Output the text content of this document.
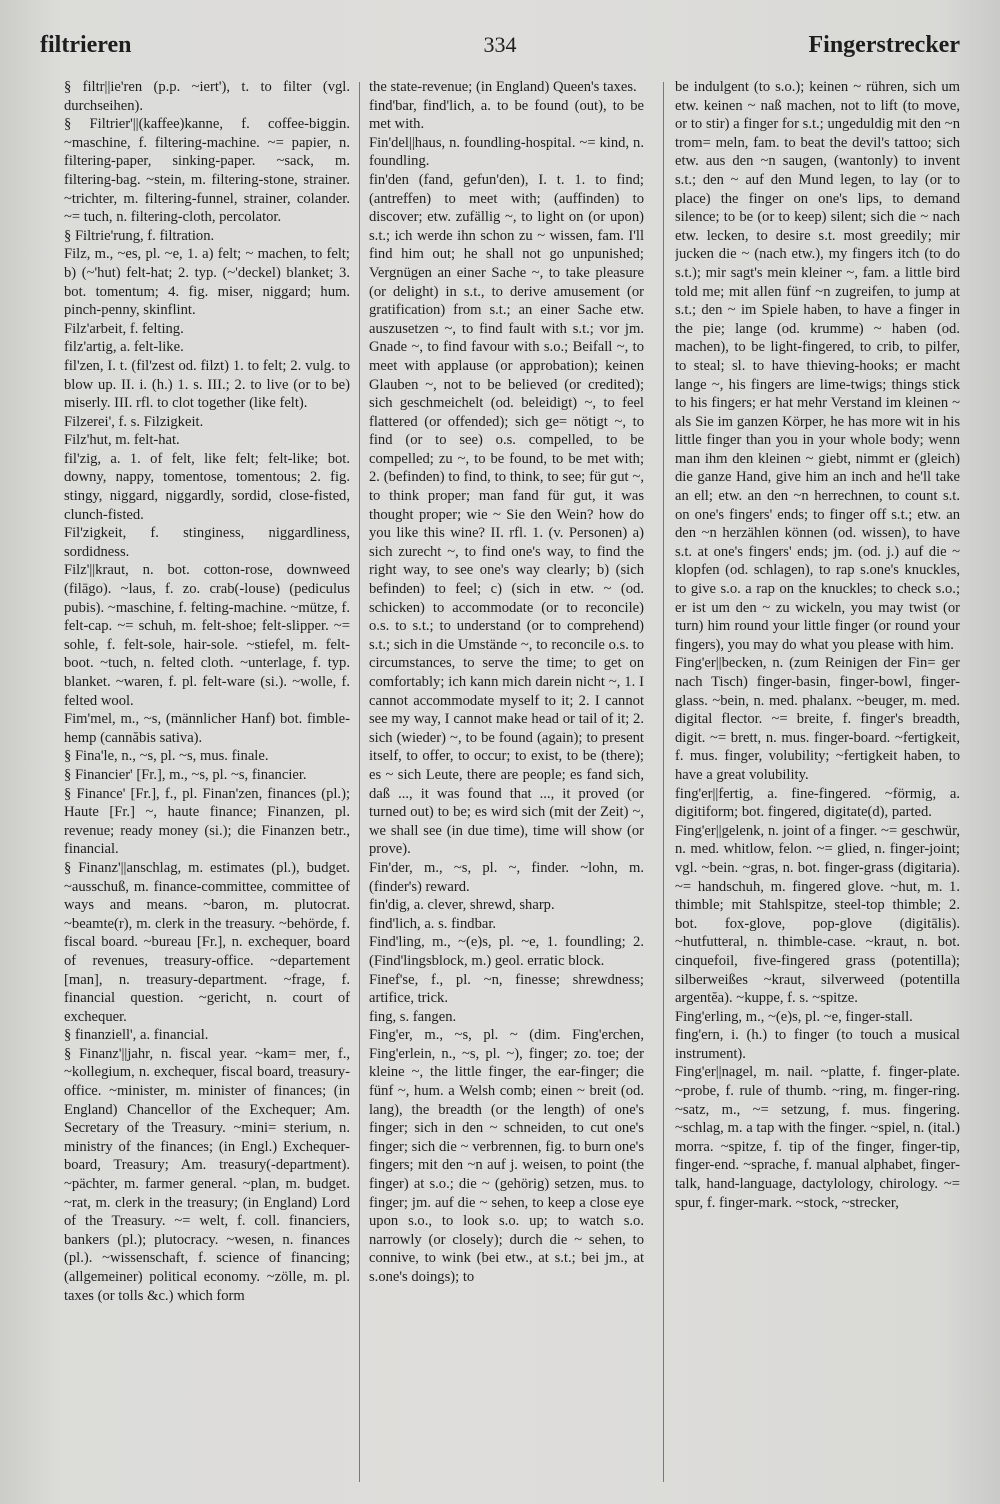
filtrieren	334	Fingerstrecker

§ filtr||ie'ren (p.p. ~iert'), t. to filter (vgl. durchseihen).

§ Filtrier'||(kaffee)kanne, f. coffee-biggin. ~maschine, f. filtering-machine. ~= papier, n. filtering-paper, sinking-paper. ~sack, m. filtering-bag. ~stein, m. filtering-stone, strainer. ~trichter, m. filtering-funnel, strainer, colander. ~= tuch, n. filtering-cloth, percolator.

§ Filtrie'rung, f. filtration.

Filz, m., ~es, pl. ~e, 1. a) felt; ~ machen, to felt; b) (~'hut) felt-hat; 2. typ. (~'deckel) blanket; 3. bot. tomentum; 4. fig. miser, niggard; hum. pinch-penny, skinflint.

Filz'arbeit, f. felting.

filz'artig, a. felt-like.

fil'zen, I. t. (fil'zest od. filzt) 1. to felt; 2. vulg. to blow up. II. i. (h.) 1. s. III.; 2. to live (or to be) miserly. III. rfl. to clot together (like felt).

Filzerei', f. s. Filzigkeit.

Filz'hut, m. felt-hat.

fil'zig, a. 1. of felt, like felt; felt-like; bot. downy, nappy, tomentose, tomentous; 2. fig. stingy, niggard, niggardly, sordid, close-fisted, clunch-fisted.

Fil'zigkeit, f. stinginess, niggardliness, sordidness.

Filz'||kraut, n. bot. cotton-rose, downweed (filāgo). ~laus, f. zo. crab(-louse) (pediculus pubis). ~maschine, f. felting-machine. ~mütze, f. felt-cap. ~= schuh, m. felt-shoe; felt-slipper. ~= sohle, f. felt-sole, hair-sole. ~stiefel, m. felt-boot. ~tuch, n. felted cloth. ~unterlage, f. typ. blanket. ~waren, f. pl. felt-ware (si.). ~wolle, f. felted wool.

Fim'mel, m., ~s, (männlicher Hanf) bot. fimble-hemp (cannăbis sativa).

§ Fina'le, n., ~s, pl. ~s, mus. finale.

§ Financier' [Fr.], m., ~s, pl. ~s, financier.

§ Finance' [Fr.], f., pl. Finan'zen, finances (pl.); Haute [Fr.] ~, haute finance; Finanzen, pl. revenue; ready money (si.); die Finanzen betr., financial.

§ Finanz'||anschlag, m. estimates (pl.), budget. ~ausschuß, m. finance-committee, committee of ways and means. ~baron, m. plutocrat. ~beamte(r), m. clerk in the treasury. ~behörde, f. fiscal board. ~bureau [Fr.], n. exchequer, board of revenues, treasury-office. ~departement [man], n. treasury-department. ~frage, f. financial question. ~gericht, n. court of exchequer.

§ finanziell', a. financial.

§ Finanz'||jahr, n. fiscal year. ~kam= mer, f., ~kollegium, n. exchequer, fiscal board, treasury-office. ~minister, m. minister of finances; (in England) Chancellor of the Exchequer; Am. Secretary of the Treasury. ~mini= sterium, n. ministry of the finances; (in Engl.) Exchequer-board, Treasury; Am. treasury(-department). ~pächter, m. farmer general. ~plan, m. budget. ~rat, m. clerk in the treasury; (in England) Lord of the Treasury. ~= welt, f. coll. financiers, bankers (pl.); plutocracy. ~wesen, n. finances (pl.). ~wissenschaft, f. science of financing; (allgemeiner) political economy. ~zölle, m. pl. taxes (or tolls &c.) which form

the state-revenue; (in England) Queen's taxes.

find'bar, find'lich, a. to be found (out), to be met with.

Fin'del||haus, n. foundling-hospital. ~= kind, n. foundling.

fin'den (fand, gefun'den), I. t. 1. to find; (antreffen) to meet with; (auffinden) to discover; etw. zufällig ~, to light on (or upon) s.t.; ich werde ihn schon zu ~ wissen, fam. I'll find him out; he shall not go unpunished; Vergnügen an einer Sache ~, to take pleasure (or delight) in s.t., to derive amusement (or gratification) from s.t.; an einer Sache etw. auszusetzen ~, to find fault with s.t.; vor jm. Gnade ~, to find favour with s.o.; Beifall ~, to meet with applause (or approbation); keinen Glauben ~, not to be believed (or credited); sich geschmeichelt (od. beleidigt) ~, to feel flattered (or offended); sich ge= nötigt ~, to find (or to see) o.s. compelled, to be compelled; zu ~, to be found, to be met with; 2. (befinden) to find, to think, to see; für gut ~, to think proper; man fand für gut, it was thought proper; wie ~ Sie den Wein? how do you like this wine? II. rfl. 1. (v. Personen) a) sich zurecht ~, to find one's way, to find the right way, to see one's way clearly; b) (sich befinden) to feel; c) (sich in etw. ~ (od. schicken) to accommodate (or to reconcile) o.s. to s.t.; to understand (or to comprehend) s.t.; sich in die Umstände ~, to reconcile o.s. to circumstances, to serve the time; to get on comfortably; ich kann mich darein nicht ~, 1. I cannot accommodate myself to it; 2. I cannot see my way, I cannot make head or tail of it; 2. sich (wieder) ~, to be found (again); to present itself, to offer, to occur; to exist, to be (there); es ~ sich Leute, there are people; es fand sich, daß ..., it was found that ..., it proved (or turned out) to be; es wird sich (mit der Zeit) ~, we shall see (in due time), time will show (or prove).

Fin'der, m., ~s, pl. ~, finder. ~lohn, m. (finder's) reward.

fin'dig, a. clever, shrewd, sharp.

find'lich, a. s. findbar.

Find'ling, m., ~(e)s, pl. ~e, 1. foundling; 2. (Find'lingsblock, m.) geol. erratic block.

Finef'se, f., pl. ~n, finesse; shrewdness; artifice, trick.

fing, s. fangen.

Fing'er, m., ~s, pl. ~ (dim. Fing'erchen, Fing'erlein, n., ~s, pl. ~), finger; zo. toe; der kleine ~, the little finger, the ear-finger; die fünf ~, hum. a Welsh comb; einen ~ breit (od. lang), the breadth (or the length) of one's finger; sich in den ~ schneiden, to cut one's finger; sich die ~ verbrennen, fig. to burn one's fingers; mit den ~n auf j. weisen, to point (the finger) at s.o.; die ~ (gehörig) setzen, mus. to finger; jm. auf die ~ sehen, to keep a close eye upon s.o., to look s.o. up; to watch s.o. narrowly (or closely); durch die ~ sehen, to connive, to wink (bei etw., at s.t.; bei jm., at s.one's doings); to

be indulgent (to s.o.); keinen ~ rühren, sich um etw. keinen ~ naß machen, not to lift (to move, or to stir) a finger for s.t.; ungeduldig mit den ~n trom= meln, fam. to beat the devil's tattoo; sich etw. aus den ~n saugen, (wantonly) to invent s.t.; den ~ auf den Mund legen, to lay (or to place) the finger on one's lips, to demand silence; to be (or to keep) silent; sich die ~ nach etw. lecken, to desire s.t. most greedily; mir jucken die ~ (nach etw.), my fingers itch (to do s.t.); mir sagt's mein kleiner ~, fam. a little bird told me; mit allen fünf ~n zugreifen, to jump at s.t.; den ~ im Spiele haben, to have a finger in the pie; lange (od. krumme) ~ haben (od. machen), to be light-fingered, to crib, to pilfer, to steal; sl. to have thieving-hooks; er macht lange ~, his fingers are lime-twigs; things stick to his fingers; er hat mehr Verstand im kleinen ~ als Sie im ganzen Körper, he has more wit in his little finger than you in your whole body; wenn man ihm den kleinen ~ giebt, nimmt er (gleich) die ganze Hand, give him an inch and he'll take an ell; etw. an den ~n herrechnen, to count s.t. on one's fingers' ends; to finger off s.t.; etw. an den ~n herzählen können (od. wissen), to have s.t. at one's fingers' ends; jm. (od. j.) auf die ~ klopfen (od. schlagen), to rap s.one's knuckles, to give s.o. a rap on the knuckles; to check s.o.; er ist um den ~ zu wickeln, you may twist (or turn) him round your little finger (or round your fingers), you may do what you please with him.

Fing'er||becken, n. (zum Reinigen der Fin= ger nach Tisch) finger-basin, finger-bowl, finger-glass. ~bein, n. med. phalanx. ~beuger, m. med. digital flector. ~= breite, f. finger's breadth, digit. ~= brett, n. mus. finger-board. ~fertigkeit, f. mus. finger, volubility; ~fertigkeit haben, to have a great volubility.

fing'er||fertig, a. fine-fingered. ~förmig, a. digitiform; bot. fingered, digitate(d), parted.

Fing'er||gelenk, n. joint of a finger. ~= geschwür, n. med. whitlow, felon. ~= glied, n. finger-joint; vgl. ~bein. ~gras, n. bot. finger-grass (digitaria). ~= handschuh, m. fingered glove. ~hut, m. 1. thimble; mit Stahlspitze, steel-top thimble; 2. bot. fox-glove, pop-glove (digitālis). ~hutfutteral, n. thimble-case. ~kraut, n. bot. cinquefoil, five-fingered grass (potentilla); silberweißes ~kraut, silverweed (potentilla argentĕa). ~kuppe, f. s. ~spitze.

Fing'erling, m., ~(e)s, pl. ~e, finger-stall.

fing'ern, i. (h.) to finger (to touch a musical instrument).

Fing'er||nagel, m. nail. ~platte, f. finger-plate. ~probe, f. rule of thumb. ~ring, m. finger-ring. ~satz, m., ~= setzung, f. mus. fingering. ~schlag, m. a tap with the finger. ~spiel, n. (ital.) morra. ~spitze, f. tip of the finger, finger-tip, finger-end. ~sprache, f. manual alphabet, finger-talk, hand-language, dactylology, chirology. ~= spur, f. finger-mark. ~stock, ~strecker,
